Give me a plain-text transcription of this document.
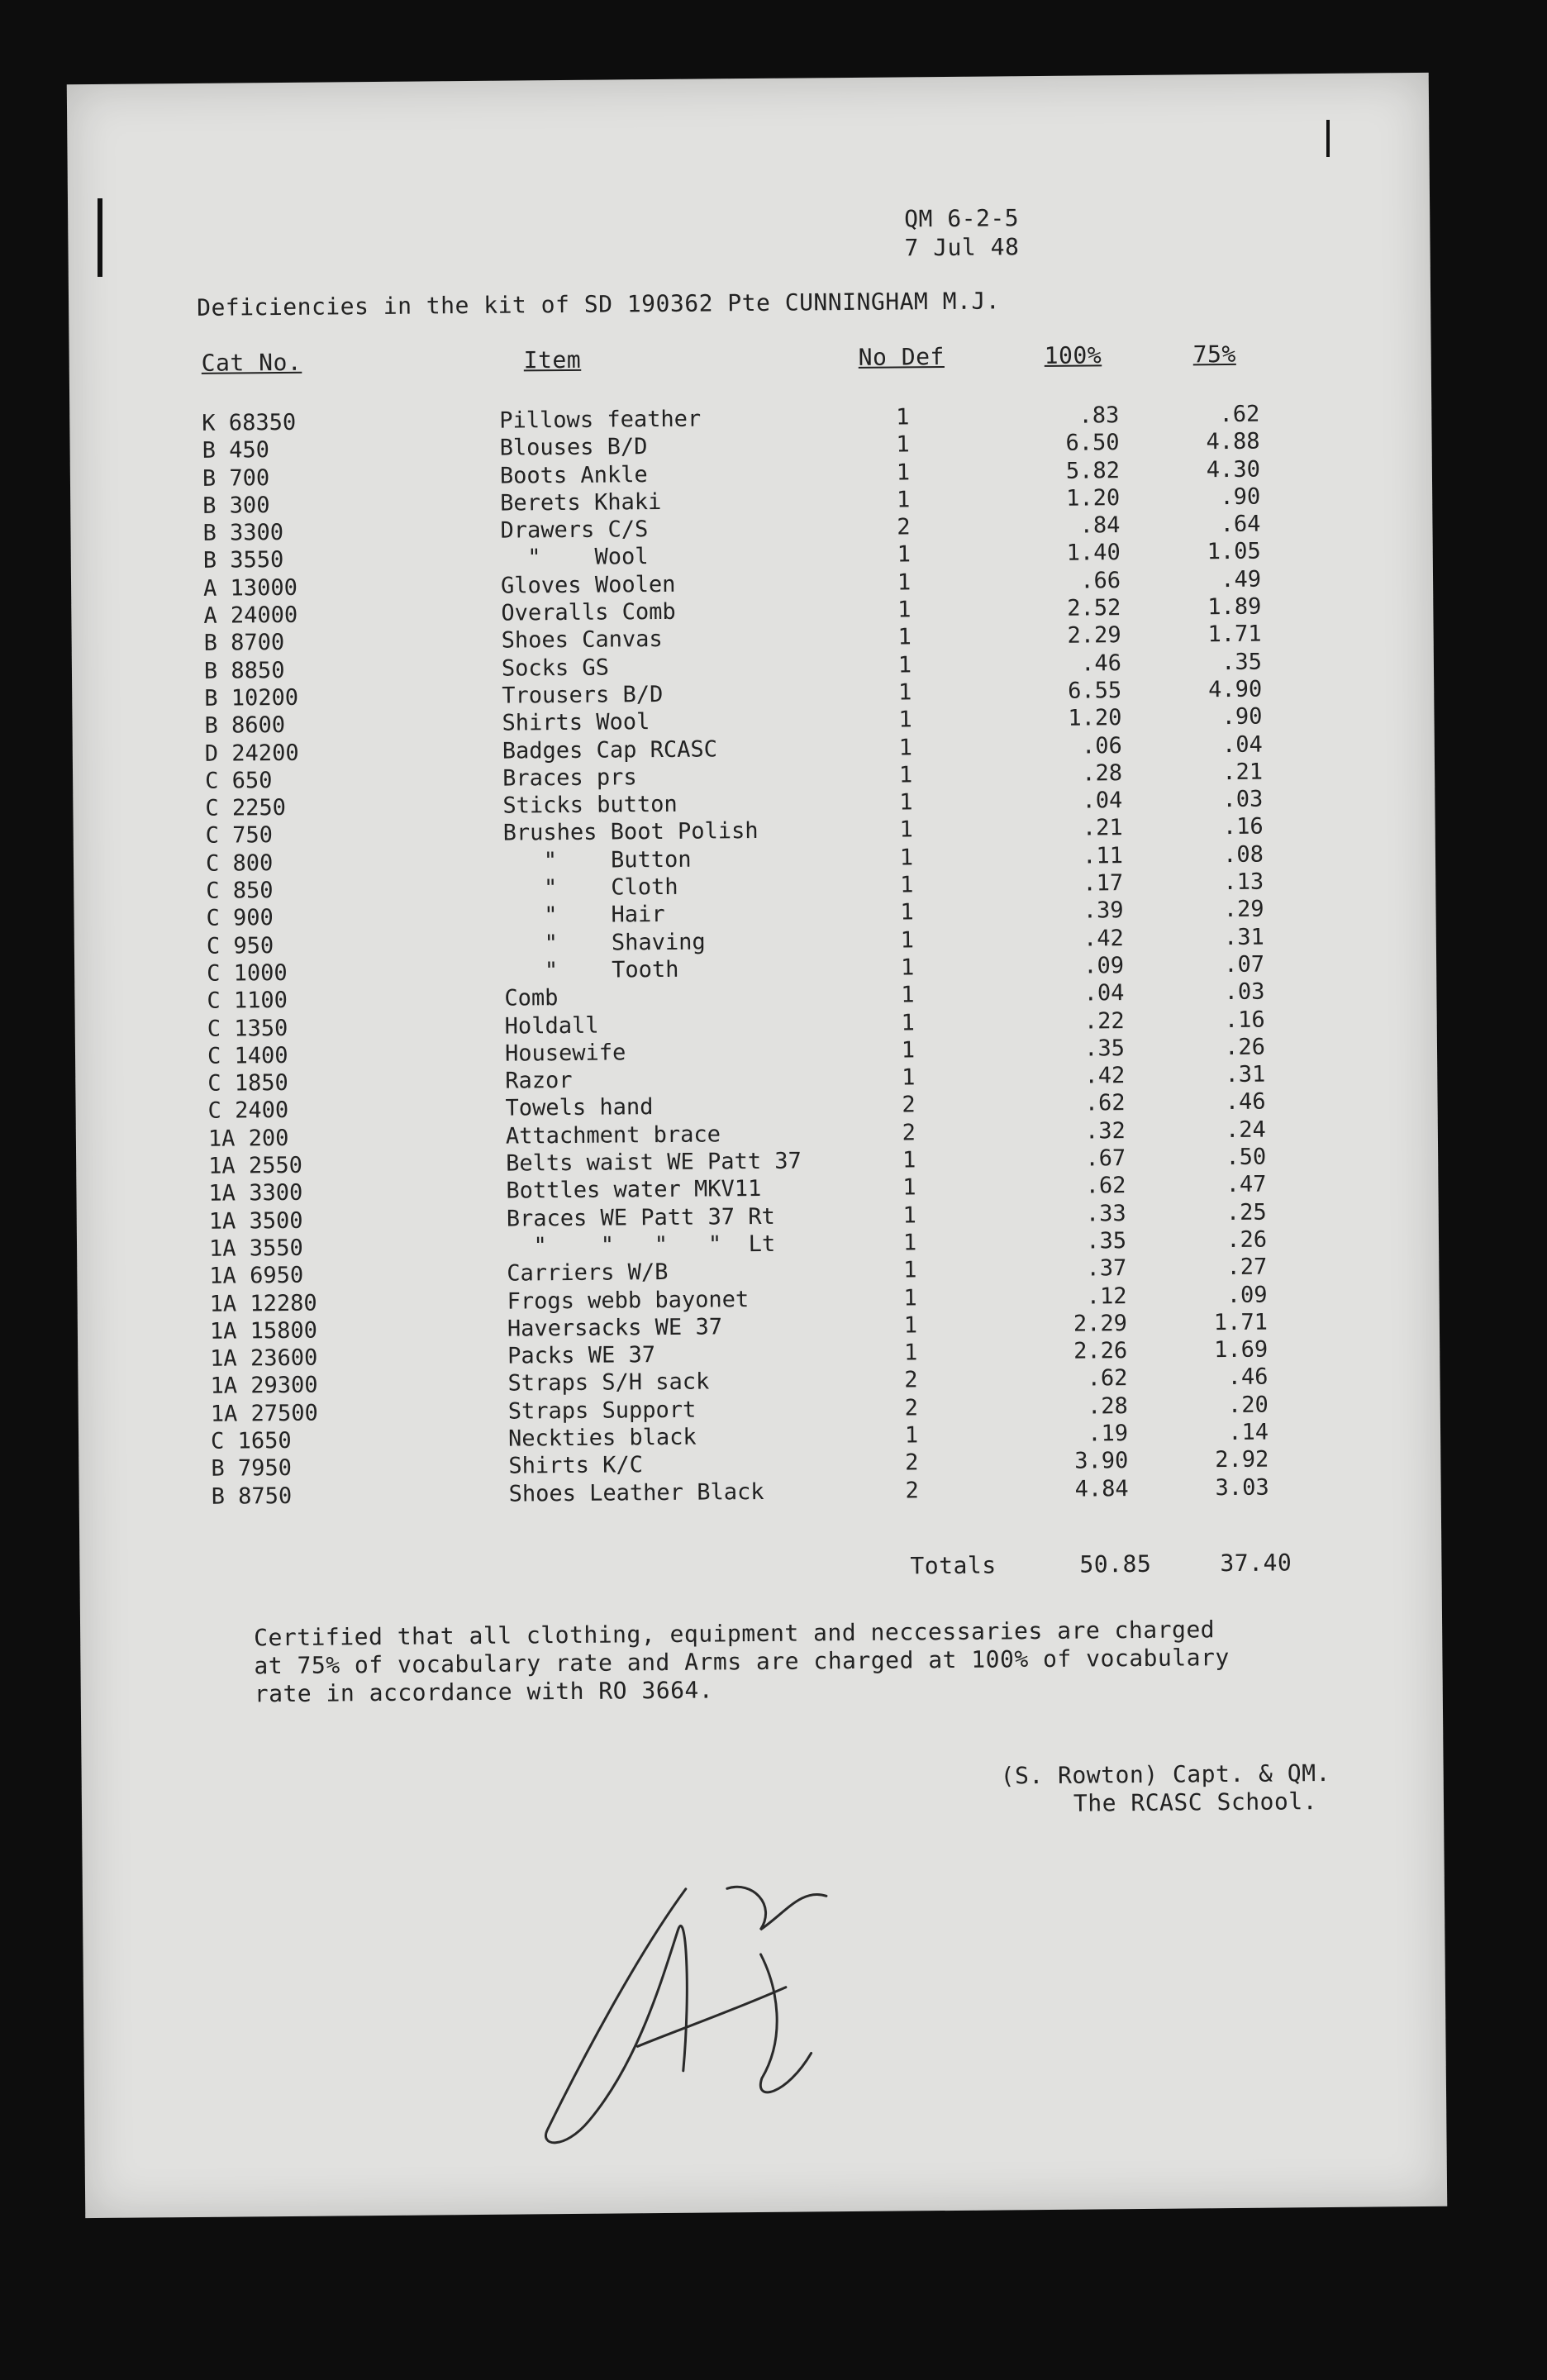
QM 6-2-5
7 Jul 48
Deficiencies in the kit of SD 190362 Pte CUNNINGHAM M.J.
Cat No.	Item	No Def	100%	75%
K 68350	Pillows feather	1	.83	.62
B 450	Blouses B/D	1	6.50	4.88
B 700	Boots Ankle	1	5.82	4.30
B 300	Berets Khaki	1	1.20	.90
B 3300	Drawers C/S	2	.84	.64
B 3550	"    Wool	1	1.40	1.05
A 13000	Gloves Woolen	1	.66	.49
A 24000	Overalls Comb	1	2.52	1.89
B 8700	Shoes Canvas	1	2.29	1.71
B 8850	Socks GS	1	.46	.35
B 10200	Trousers B/D	1	6.55	4.90
B 8600	Shirts Wool	1	1.20	.90
D 24200	Badges Cap RCASC	1	.06	.04
C 650	Braces prs	1	.28	.21
C 2250	Sticks button	1	.04	.03
C 750	Brushes Boot Polish	1	.21	.16
C 800	"    Button	1	.11	.08
C 850	"    Cloth	1	.17	.13
C 900	"    Hair	1	.39	.29
C 950	"    Shaving	1	.42	.31
C 1000	"    Tooth	1	.09	.07
C 1100	Comb	1	.04	.03
C 1350	Holdall	1	.22	.16
C 1400	Housewife	1	.35	.26
C 1850	Razor	1	.42	.31
C 2400	Towels hand	2	.62	.46
1A 200	Attachment brace	2	.32	.24
1A 2550	Belts waist WE Patt 37	1	.67	.50
1A 3300	Bottles water MKV11	1	.62	.47
1A 3500	Braces WE Patt 37 Rt	1	.33	.25
1A 3550	"    "   "   "  Lt	1	.35	.26
1A 6950	Carriers W/B	1	.37	.27
1A 12280	Frogs webb bayonet	1	.12	.09
1A 15800	Haversacks WE 37	1	2.29	1.71
1A 23600	Packs WE 37	1	2.26	1.69
1A 29300	Straps S/H sack	2	.62	.46
1A 27500	Straps Support	2	.28	.20
C 1650	Neckties black	1	.19	.14
B 7950	Shirts K/C	2	3.90	2.92
B 8750	Shoes Leather Black	2	4.84	3.03
Totals	50.85	37.40
Certified that all clothing, equipment and neccessaries are charged
at 75% of vocabulary rate and Arms are charged at 100% of vocabulary
rate in accordance with RO 3664.
(S. Rowton) Capt. & QM.
The RCASC School.
